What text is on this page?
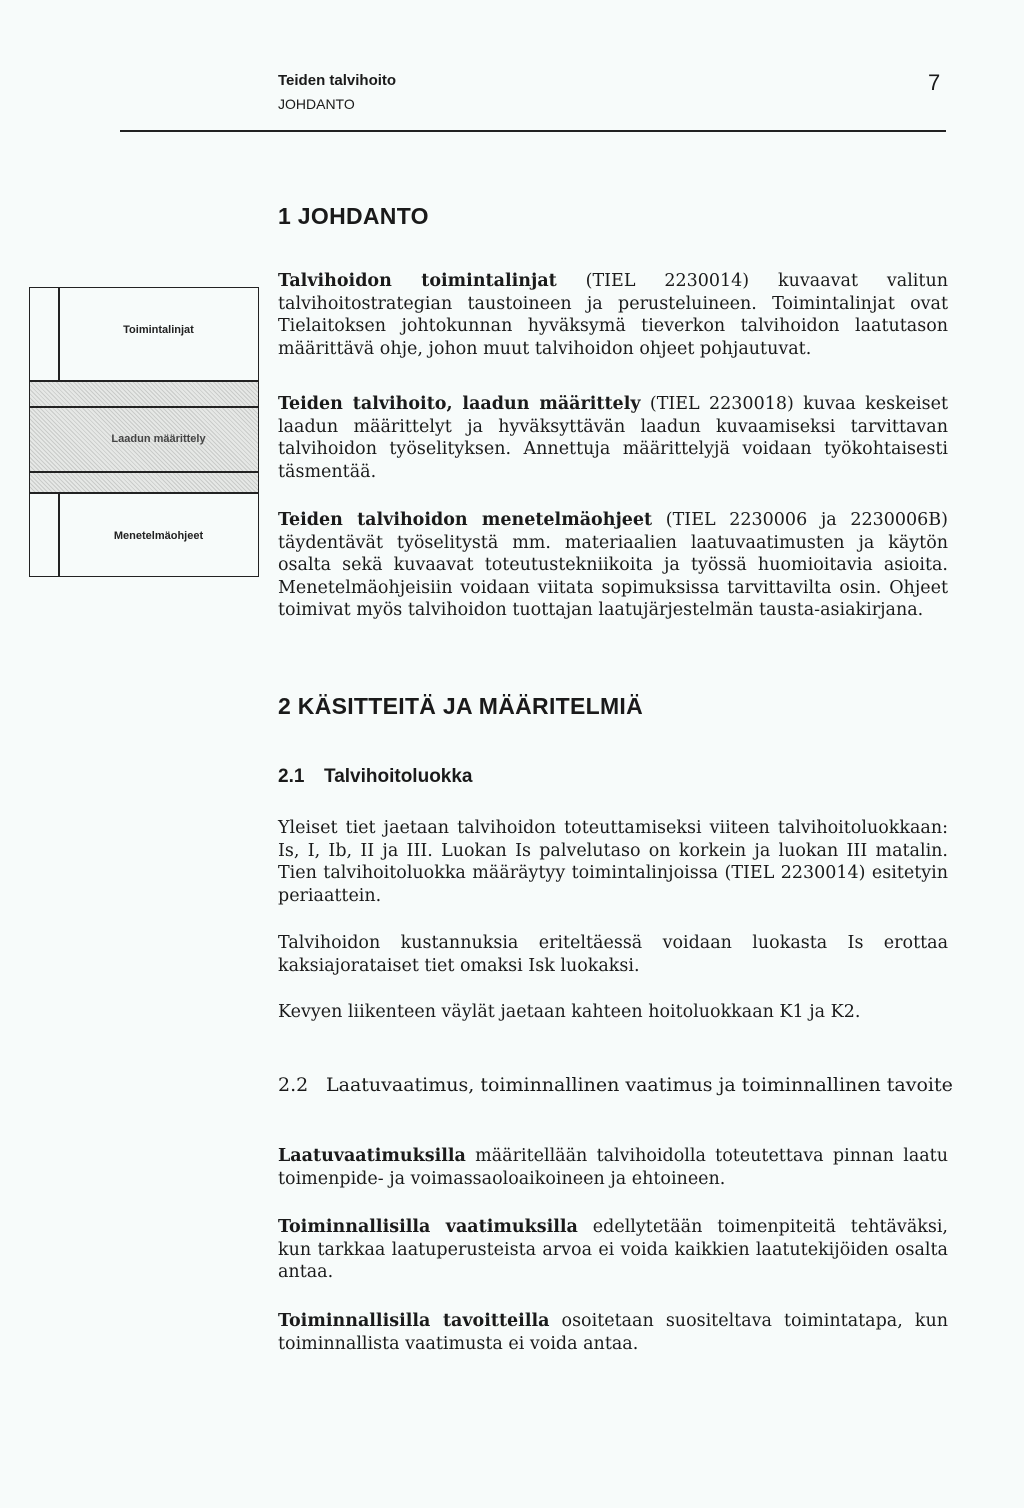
Teiden talvihoito
JOHDANTO
7
1 JOHDANTO
Toimintalinjat
Laadun määrittely
Menetelmäohjeet

Talvihoidon toimintalinjat (TIEL 2230014) kuvaavat valitun talvihoitostrategian taustoineen ja perusteluineen. Toimintalinjat ovat Tielaitoksen johtokunnan hyväksymä tieverkon talvihoidon laatutason määrittävä ohje, johon muut talvihoidon ohjeet pohjautuvat.

Teiden talvihoito, laadun määrittely (TIEL 2230018) kuvaa keskeiset laadun määrittelyt ja hyväksyttävän laadun kuvaamiseksi tarvittavan talvihoidon työselityksen. Annettuja määrittelyjä voidaan työkohtaisesti täsmentää.

Teiden talvihoidon menetelmäohjeet (TIEL 2230006 ja 2230006B) täydentävät työselitystä mm. materiaalien laatuvaatimusten ja käytön osalta sekä kuvaavat toteutustekniikoita ja työssä huomioitavia asioita. Menetelmäohjeisiin voidaan viitata sopimuksissa tarvittavilta osin. Ohjeet toimivat myös talvihoidon tuottajan laatujärjestelmän tausta-asiakirjana.

2 KÄSITTEITÄ JA MÄÄRITELMIÄ
2.1 Talvihoitoluokka

Yleiset tiet jaetaan talvihoidon toteuttamiseksi viiteen talvihoitoluokkaan: Is, I, Ib, II ja III. Luokan Is palvelutaso on korkein ja luokan III matalin. Tien talvihoitoluokka määräytyy toimintalinjoissa (TIEL 2230014) esitetyin periaattein.

Talvihoidon kustannuksia eriteltäessä voidaan luokasta Is erottaa kaksiajorataiset tiet omaksi Isk luokaksi.

Kevyen liikenteen väylät jaetaan kahteen hoitoluokkaan K1 ja K2.

2.2 Laatuvaatimus, toiminnallinen vaatimus ja toiminnallinen tavoite

Laatuvaatimuksilla määritellään talvihoidolla toteutettava pinnan laatu toimenpide- ja voimassaoloaikoineen ja ehtoineen.

Toiminnallisilla vaatimuksilla edellytetään toimenpiteitä tehtäväksi, kun tarkkaa laatuperusteista arvoa ei voida kaikkien laatutekijöiden osalta antaa.

Toiminnallisilla tavoitteilla osoitetaan suositeltava toimintatapa, kun toiminnallista vaatimusta ei voida antaa.
